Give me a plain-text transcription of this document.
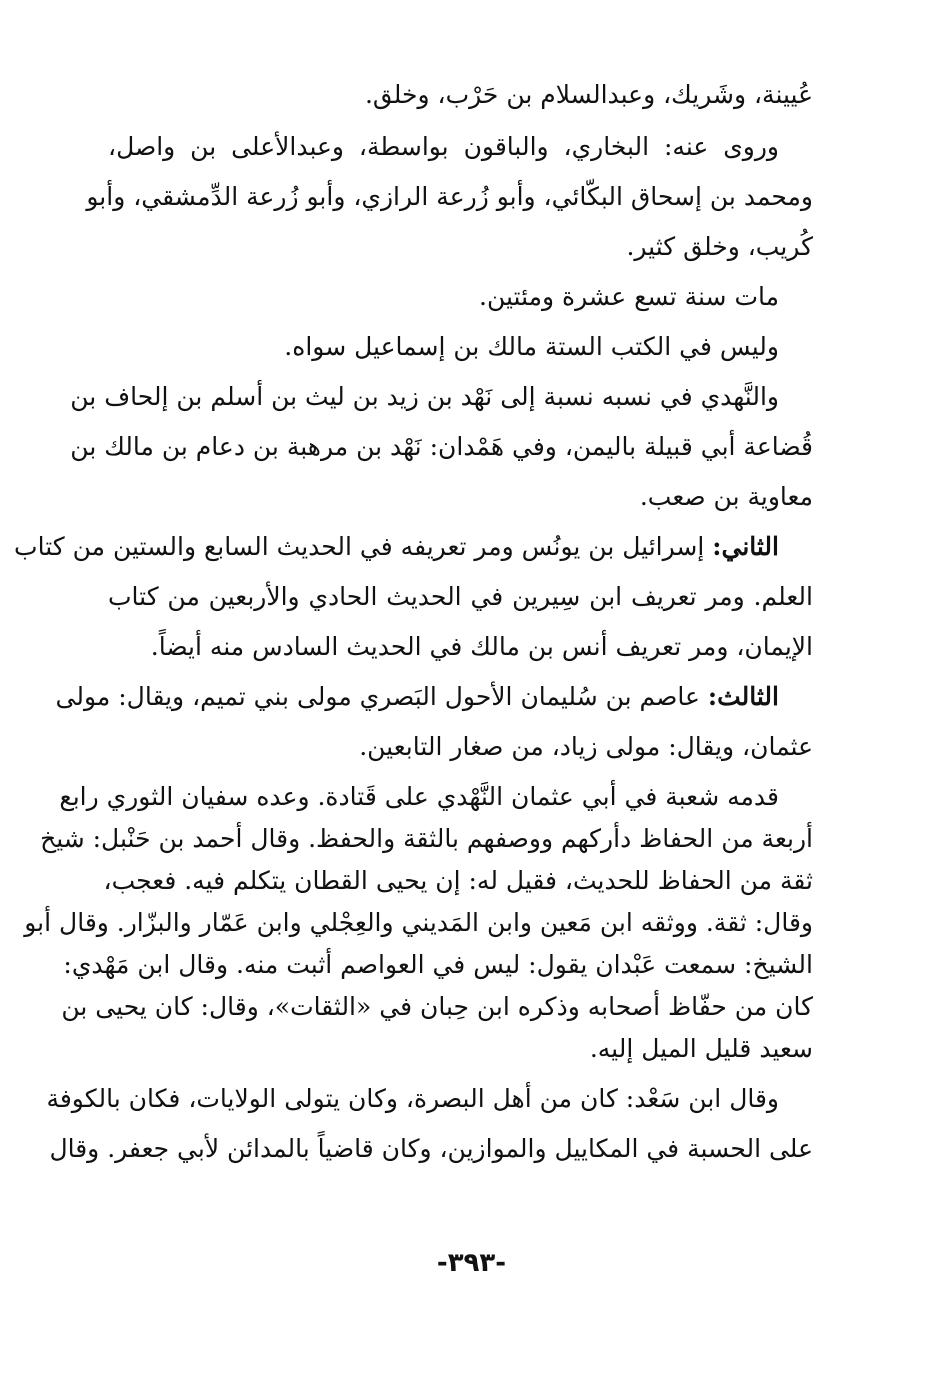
عُيينة، وشَريك، وعبدالسلام بن حَرْب، وخلق.
وروى عنه: البخاري، والباقون بواسطة، وعبدالأعلى بن واصل،
ومحمد بن إسحاق البكّائي، وأبو زُرعة الرازي، وأبو زُرعة الدِّمشقي، وأبو
كُريب، وخلق كثير.
مات سنة تسع عشرة ومئتين.
وليس في الكتب الستة مالك بن إسماعيل سواه.
والنَّهدي في نسبه نسبة إلى نَهْد بن زيد بن ليث بن أسلم بن إلحاف بن
قُضاعة أبي قبيلة باليمن، وفي هَمْدان: نَهْد بن مرهبة بن دعام بن مالك بن
معاوية بن صعب.
الثاني: إسرائيل بن يونُس ومر تعريفه في الحديث السابع والستين من كتاب
العلم. ومر تعريف ابن سِيرين في الحديث الحادي والأربعين من كتاب
الإيمان، ومر تعريف أنس بن مالك في الحديث السادس منه أيضاً.
الثالث: عاصم بن سُليمان الأحول البَصري مولى بني تميم، ويقال: مولى
عثمان، ويقال: مولى زياد، من صغار التابعين.
قدمه شعبة في أبي عثمان النَّهْدي على قَتادة. وعده سفيان الثوري رابع
أربعة من الحفاظ دأركهم ووصفهم بالثقة والحفظ. وقال أحمد بن حَنْبل: شيخ
ثقة من الحفاظ للحديث، فقيل له: إن يحيى القطان يتكلم فيه. فعجب،
وقال: ثقة. ووثقه ابن مَعين وابن المَديني والعِجْلي وابن عَمّار والبزّار. وقال أبو
الشيخ: سمعت عَبْدان يقول: ليس في العواصم أثبت منه. وقال ابن مَهْدي:
كان من حفّاظ أصحابه وذكره ابن حِبان في «الثقات»، وقال: كان يحيى بن
سعيد قليل الميل إليه.
وقال ابن سَعْد: كان من أهل البصرة، وكان يتولى الولايات، فكان بالكوفة
على الحسبة في المكاييل والموازين، وكان قاضياً بالمدائن لأبي جعفر. وقال
-٣٩٣-
